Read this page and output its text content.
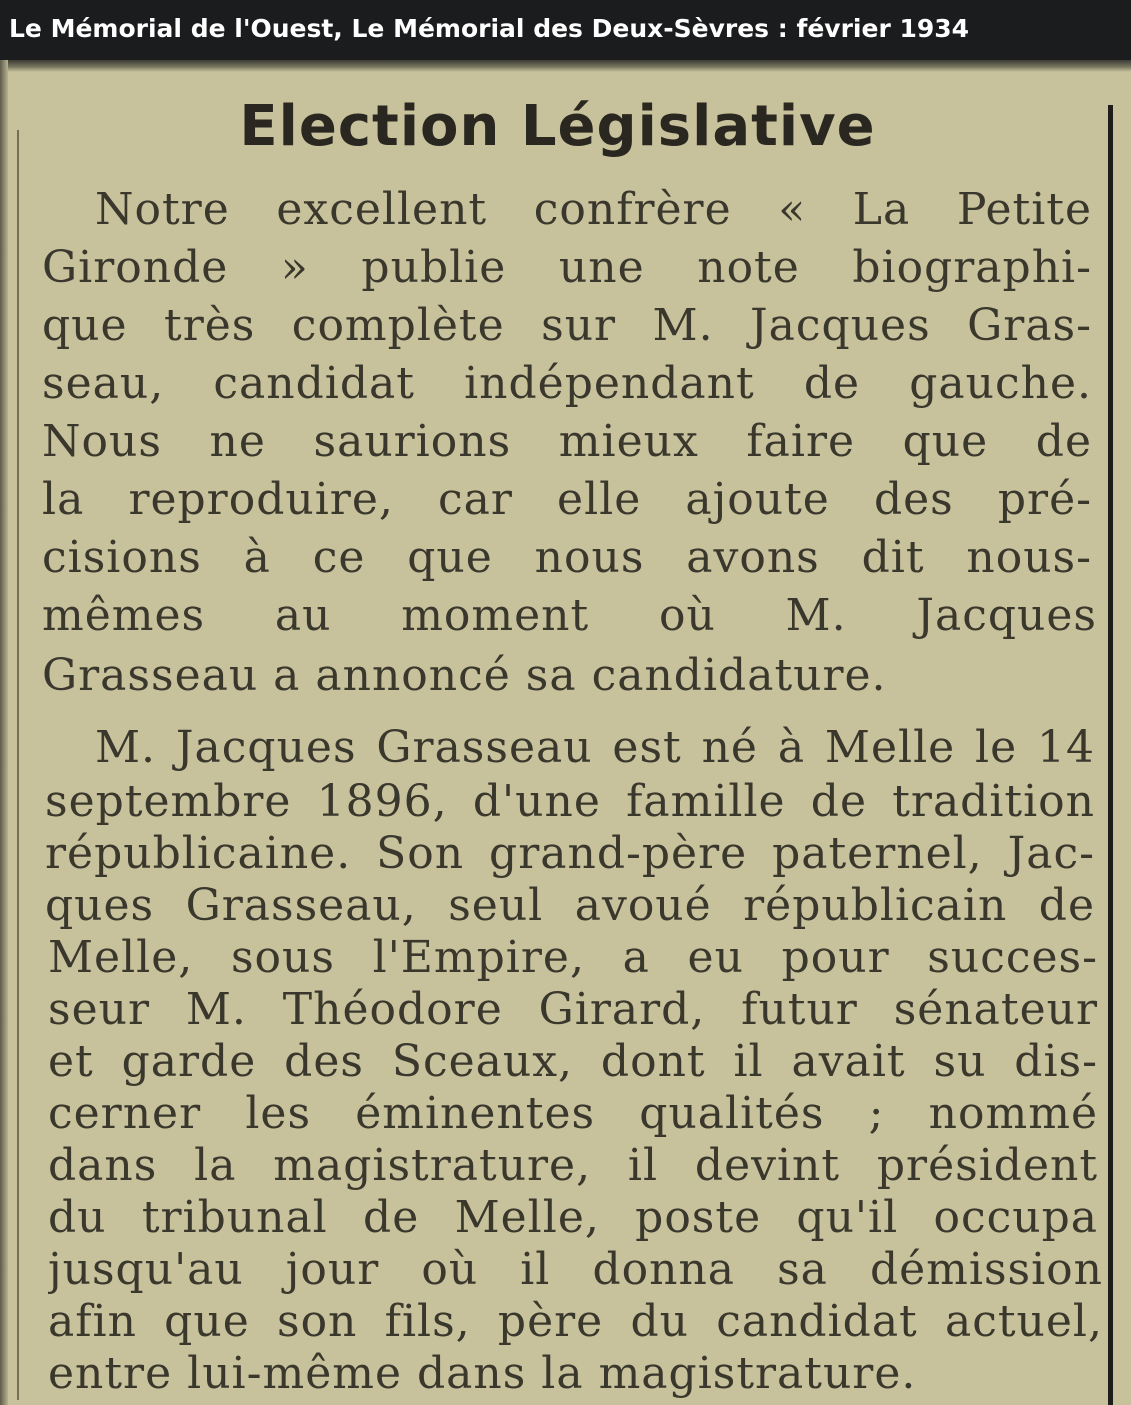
Le Mémorial de l'Ouest, Le Mémorial des Deux-Sèvres : février 1934
Election Législative
Notre excellent confrère « La Petite
Gironde » publie une note biographi-
que très complète sur M. Jacques Gras-
seau, candidat indépendant de gauche.
Nous ne saurions mieux faire que de
la reproduire, car elle ajoute des pré-
cisions à ce que nous avons dit nous-
mêmes au moment où M. Jacques
Grasseau a annoncé sa candidature.
M. Jacques Grasseau est né à Melle le 14
septembre 1896, d'une famille de tradition
républicaine. Son grand-père paternel, Jac-
ques Grasseau, seul avoué républicain de
Melle, sous l'Empire, a eu pour succes-
seur M. Théodore Girard, futur sénateur
et garde des Sceaux, dont il avait su dis-
cerner les éminentes qualités ; nommé
dans la magistrature, il devint président
du tribunal de Melle, poste qu'il occupa
jusqu'au jour où il donna sa démission
afin que son fils, père du candidat actuel,
entre lui-même dans la magistrature.
